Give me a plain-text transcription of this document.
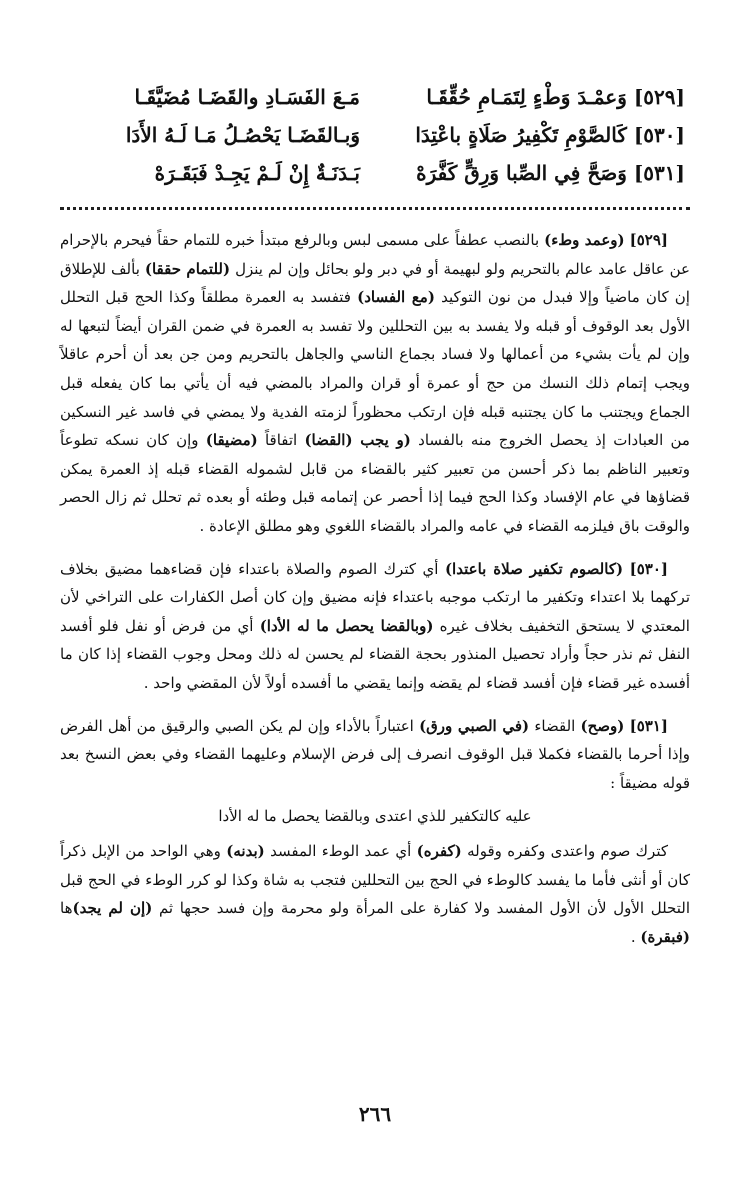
[٥٢٩] وَعمْـدَ وَطْءٍ لِتَمَـامِ حُقِّقَـا
مَـعَ الفَسَـادِ والقَضَـا مُضَيَّقَـا
[٥٣٠] كَالصَّوْمِ تَكْفِيرُ صَلَاةٍ باعْتِدَا
وَبـالقَضَـا يَحْصُـلُ مَـا لَـهُ الأَدَا
[٥٣١] وَصَحَّ فِي الصِّبا وَرِقٍّ كَفَّرَهْ
بَـدَنَـةٌ إِنْ لَـمْ يَجِـدْ فَبَقَـرَهْ

[٥٢٩] (وعمد وطء) بالنصب عطفاً على مسمى لبس وبالرفع مبتدأ خبره للتمام حقاً فيحرم بالإحرام عن عاقل عامد عالم بالتحريم ولو لبهيمة أو في دبر ولو بحائل وإن لم ينزل (للتمام حققا) بألف للإطلاق إن كان ماضياً وإلا فبدل من نون التوكيد (مع الفساد) فتفسد به العمرة مطلقاً وكذا الحج قبل التحلل الأول بعد الوقوف أو قبله ولا يفسد به بين التحللين ولا تفسد به العمرة في ضمن القران أيضاً لتبعها له وإن لم يأت بشيء من أعمالها ولا فساد بجماع الناسي والجاهل بالتحريم ومن جن بعد أن أحرم عاقلاً ويجب إتمام ذلك النسك من حج أو عمرة أو قران والمراد بالمضي فيه أن يأتي بما كان يفعله قبل الجماع ويجتنب ما كان يجتنبه قبله فإن ارتكب محظوراً لزمته الفدية ولا يمضي في فاسد غير النسكين من العبادات إذ يحصل الخروج منه بالفساد (و يجب (القضا) اتفاقاً (مضيقا) وإن كان نسكه تطوعاً وتعبير الناظم بما ذكر أحسن من تعبير كثير بالقضاء من قابل لشموله القضاء قبله إذ العمرة يمكن قضاؤها في عام الإفساد وكذا الحج فيما إذا أحصر عن إتمامه قبل وطئه أو بعده ثم تحلل ثم زال الحصر والوقت باق فيلزمه القضاء في عامه والمراد بالقضاء اللغوي وهو مطلق الإعادة .

[٥٣٠] (كالصوم تكفير صلاة باعتدا) أي كترك الصوم والصلاة باعتداء فإن قضاءهما مضيق بخلاف تركهما بلا اعتداء وتكفير ما ارتكب موجبه باعتداء فإنه مضيق وإن كان أصل الكفارات على التراخي لأن المعتدي لا يستحق التخفيف بخلاف غيره (وبالقضا يحصل ما له الأدا) أي من فرض أو نفل فلو أفسد النفل ثم نذر حجاً وأراد تحصيل المنذور بحجة القضاء لم يحسن له ذلك ومحل وجوب القضاء إذا كان ما أفسده غير قضاء فإن أفسد قضاء لم يقضه وإنما يقضي ما أفسده أولاً لأن المقضي واحد .

[٥٣١] (وصح) القضاء (في الصبي ورق) اعتباراً بالأداء وإن لم يكن الصبي والرقيق من أهل الفرض وإذا أحرما بالقضاء فكملا قبل الوقوف انصرف إلى فرض الإسلام وعليهما القضاء وفي بعض النسخ بعد قوله مضيقاً :

عليه كالتكفير للذي اعتدى وبالقضا يحصل ما له الأدا

كترك صوم واعتدى وكفره وقوله (كفره) أي عمد الوطء المفسد (بدنه) وهي الواحد من الإبل ذكراً كان أو أنثى فأما ما يفسد كالوطء في الحج بين التحللين فتجب به شاة وكذا لو كرر الوطء في الحج قبل التحلل الأول لأن الأول المفسد ولا كفارة على المرأة ولو محرمة وإن فسد حجها ثم (إن لم يجد)ها (فبقرة) .

٢٦٦
